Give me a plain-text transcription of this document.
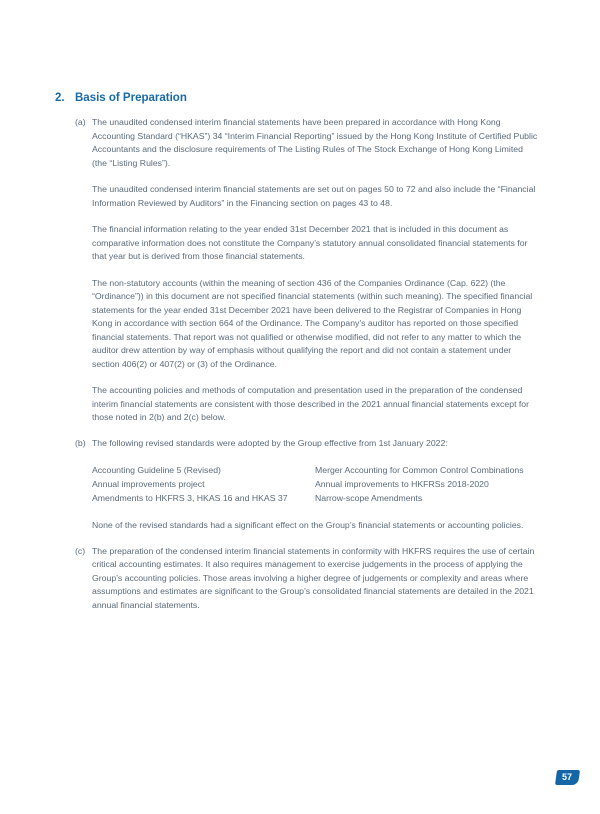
2. Basis of Preparation
(a) The unaudited condensed interim financial statements have been prepared in accordance with Hong Kong Accounting Standard (“HKAS”) 34 “Interim Financial Reporting” issued by the Hong Kong Institute of Certified Public Accountants and the disclosure requirements of The Listing Rules of The Stock Exchange of Hong Kong Limited (the “Listing Rules”).

The unaudited condensed interim financial statements are set out on pages 50 to 72 and also include the “Financial Information Reviewed by Auditors” in the Financing section on pages 43 to 48.

The financial information relating to the year ended 31st December 2021 that is included in this document as comparative information does not constitute the Company’s statutory annual consolidated financial statements for that year but is derived from those financial statements.

The non-statutory accounts (within the meaning of section 436 of the Companies Ordinance (Cap. 622) (the “Ordinance”)) in this document are not specified financial statements (within such meaning). The specified financial statements for the year ended 31st December 2021 have been delivered to the Registrar of Companies in Hong Kong in accordance with section 664 of the Ordinance. The Company’s auditor has reported on those specified financial statements. That report was not qualified or otherwise modified, did not refer to any matter to which the auditor drew attention by way of emphasis without qualifying the report and did not contain a statement under section 406(2) or 407(2) or (3) of the Ordinance.

The accounting policies and methods of computation and presentation used in the preparation of the condensed interim financial statements are consistent with those described in the 2021 annual financial statements except for those noted in 2(b) and 2(c) below.

(b) The following revised standards were adopted by the Group effective from 1st January 2022:

Accounting Guideline 5 (Revised)	Merger Accounting for Common Control Combinations
Annual improvements project	Annual improvements to HKFRSs 2018-2020
Amendments to HKFRS 3, HKAS 16 and HKAS 37	Narrow-scope Amendments

None of the revised standards had a significant effect on the Group’s financial statements or accounting policies.

(c) The preparation of the condensed interim financial statements in conformity with HKFRS requires the use of certain critical accounting estimates. It also requires management to exercise judgements in the process of applying the Group’s accounting policies. Those areas involving a higher degree of judgements or complexity and areas where assumptions and estimates are significant to the Group’s consolidated financial statements are detailed in the 2021 annual financial statements.

57
